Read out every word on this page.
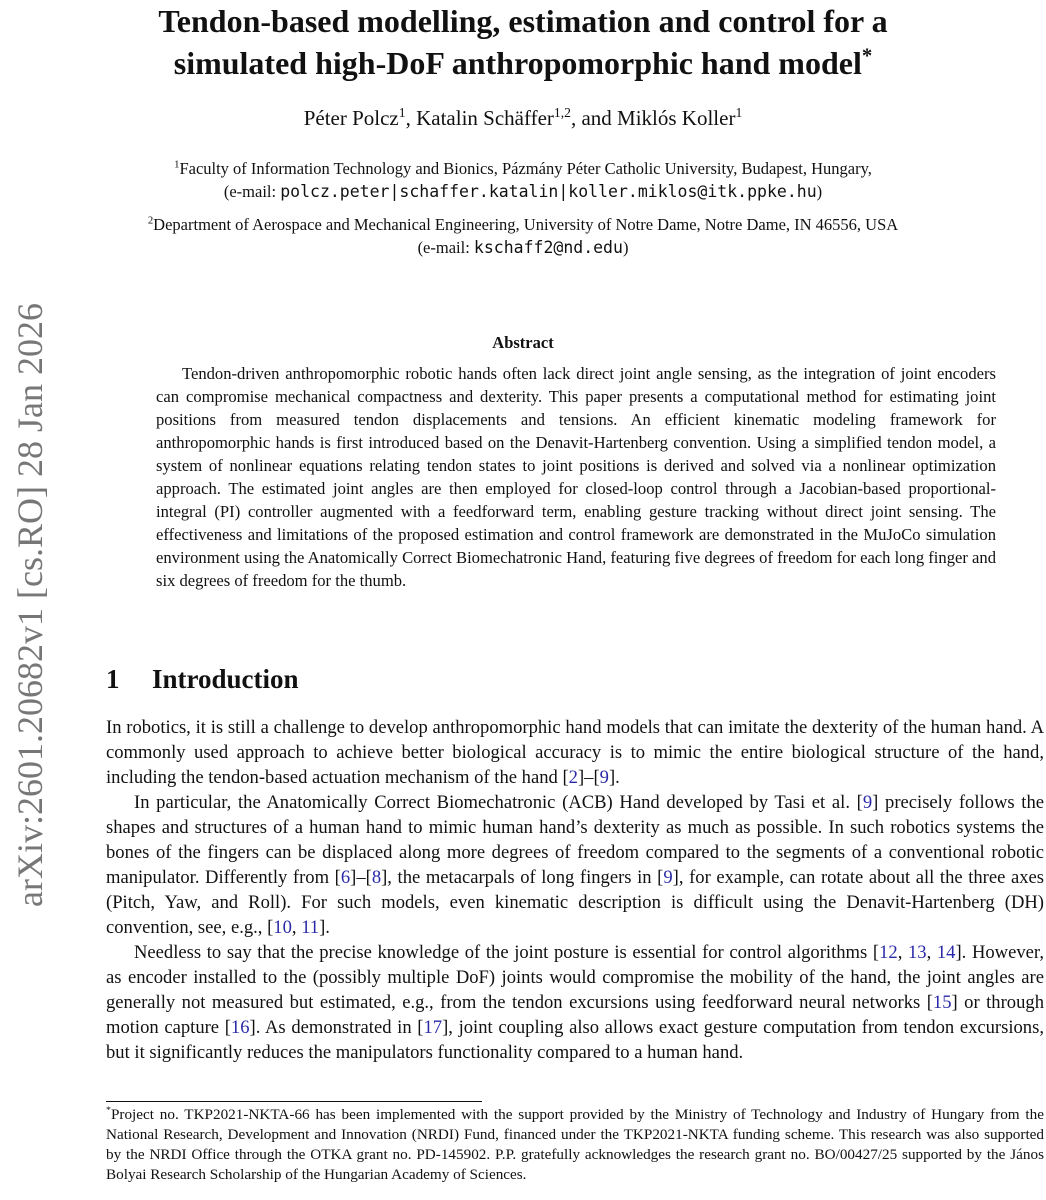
arXiv:2601.20682v1 [cs.RO] 28 Jan 2026
Tendon-based modelling, estimation and control for a
simulated high-DoF anthropomorphic hand model*
Péter Polcz$^1$, Katalin Schäffer$^{1,2}$, and Miklós Koller$^1$
$^1$Faculty of Information Technology and Bionics, Pázmány Péter Catholic University, Budapest, Hungary,
(e-mail: polcz.peter|schaffer.katalin|koller.miklos@itk.ppke.hu)
$^2$Department of Aerospace and Mechanical Engineering, University of Notre Dame, Notre Dame, IN 46556, USA
(e-mail: kschaff2@nd.edu)
Abstract

Tendon-driven anthropomorphic robotic hands often lack direct joint angle sensing, as the integration of joint encoders can compromise mechanical compactness and dexterity. This paper presents a computational method for estimating joint positions from measured tendon displacements and tensions. An efficient kinematic modeling framework for anthropomorphic hands is first introduced based on the Denavit-Hartenberg convention. Using a simplified tendon model, a system of nonlinear equations relating tendon states to joint positions is derived and solved via a nonlinear optimization approach. The estimated joint angles are then employed for closed-loop control through a Jacobian-based proportional-integral (PI) controller augmented with a feedforward term, enabling gesture tracking without direct joint sensing. The effectiveness and limitations of the proposed estimation and control framework are demonstrated in the MuJoCo simulation environment using the Anatomically Correct Biomechatronic Hand, featuring five degrees of freedom for each long finger and six degrees of freedom for the thumb.

1 Introduction

In robotics, it is still a challenge to develop anthropomorphic hand models that can imitate the dexterity of the human hand. A commonly used approach to achieve better biological accuracy is to mimic the entire biological structure of the hand, including the tendon-based actuation mechanism of the hand [2]–[9].

In particular, the Anatomically Correct Biomechatronic (ACB) Hand developed by Tasi et al. [9] precisely follows the shapes and structures of a human hand to mimic human hand’s dexterity as much as possible. In such robotics systems the bones of the fingers can be displaced along more degrees of freedom compared to the segments of a conventional robotic manipulator. Differently from [6]–[8], the metacarpals of long fingers in [9], for example, can rotate about all the three axes (Pitch, Yaw, and Roll). For such models, even kinematic description is difficult using the Denavit-Hartenberg (DH) convention, see, e.g., [10, 11].

Needless to say that the precise knowledge of the joint posture is essential for control algorithms [12, 13, 14]. However, as encoder installed to the (possibly multiple DoF) joints would compromise the mobility of the hand, the joint angles are generally not measured but estimated, e.g., from the tendon excursions using feedforward neural networks [15] or through motion capture [16]. As demonstrated in [17], joint coupling also allows exact gesture computation from tendon excursions, but it significantly reduces the manipulators functionality compared to a human hand.

*Project no. TKP2021-NKTA-66 has been implemented with the support provided by the Ministry of Technology and Industry of Hungary from the National Research, Development and Innovation (NRDI) Fund, financed under the TKP2021-NKTA funding scheme. This research was also supported by the NRDI Office through the OTKA grant no. PD-145902. P.P. gratefully acknowledges the research grant no. BO/00427/25 supported by the János Bolyai Research Scholarship of the Hungarian Academy of Sciences.
